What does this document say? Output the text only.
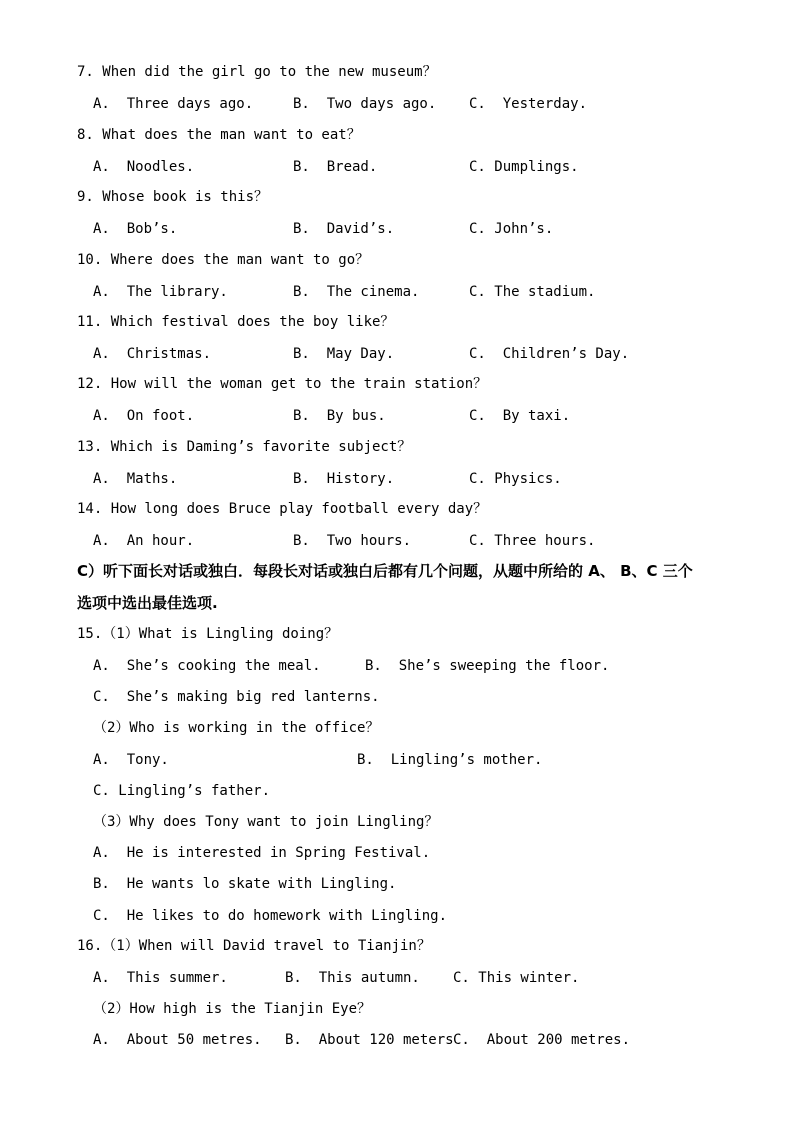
7. When did the girl go to the new museum？
A.  Three days ago.	B.  Two days ago. C.  Yesterday.
8. What does the man want to eat？
A.  Noodles.	B.  Bread.	C. Dumplings.
9. Whose book is this？
A.  Bob’s.	B.  David’s.	C. John’s.
10. Where does the man want to go？
A.  The library.	B.  The cinema.	C. The stadium.
11. Which festival does the boy like？
A.  Christmas.	B.  May Day.	C.  Children’s Day.
12. How will the woman get to the train station？
A.  On foot.	B.  By bus.	C.  By taxi.
13. Which is Daming’s favorite subject？
A.  Maths.	B.  History.	C. Physics.
14. How long does Bruce play football every day？
A.  An hour.	B.  Two hours.	C. Three hours.
C）听下面长对话或独白．每段长对话或独白后都有几个问题，从题中所给的 A、 B、C 三个
选项中选出最佳选项.
15.（1）What is Lingling doing？
A.  She’s cooking the meal.	B.  She’s sweeping the floor.
C.  She’s making big red lanterns.
（2）Who is working in the office？
A.  Tony.	B.  Lingling’s mother.
C. Lingling’s father.
（3）Why does Tony want to join Lingling？
A.  He is interested in Spring Festival.
B.  He wants lo skate with Lingling.
C.  He likes to do homework with Lingling.
16.（1）When will David travel to Tianjin？
A.  This summer.	B.  This autumn. C. This winter.
（2）How high is the Tianjin Eye？
A.  About 50 metres. B.  About 120 meters C.  About 200 metres.
